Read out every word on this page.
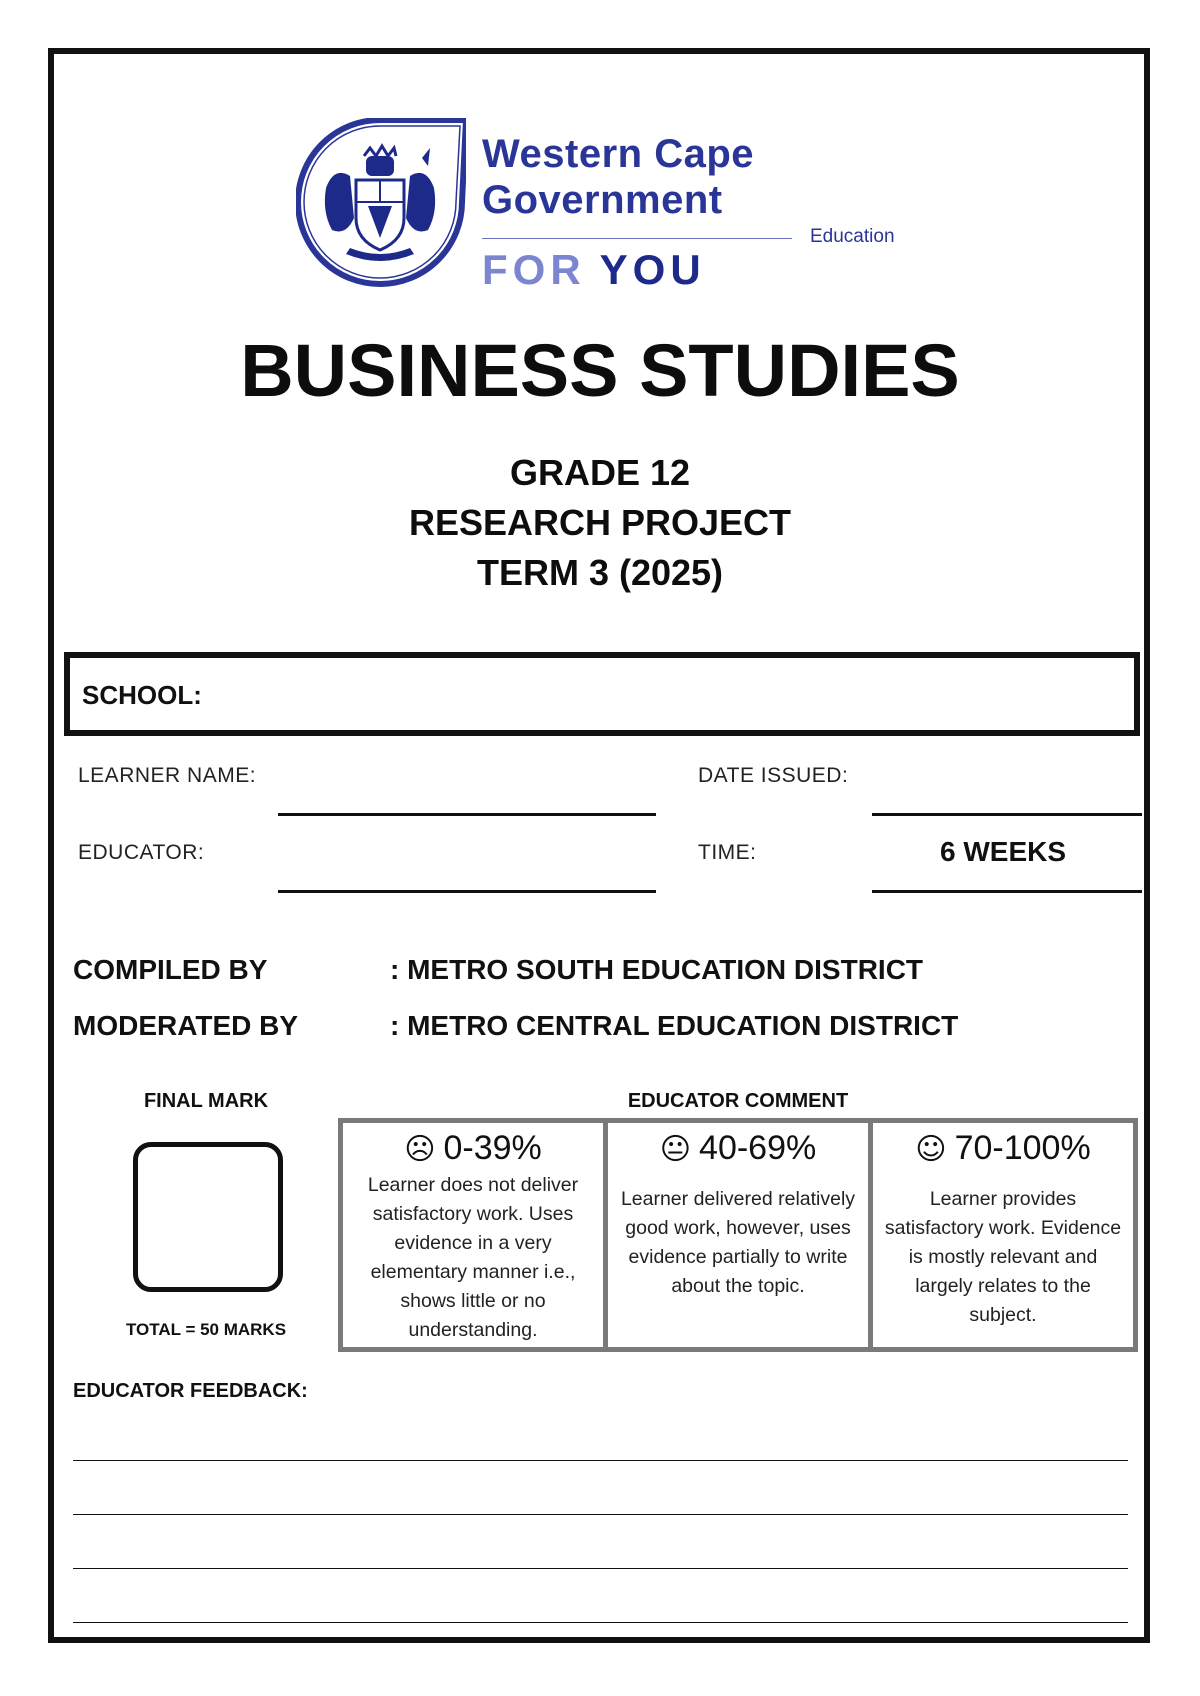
Western Cape
Government
Education
FOR YOU
BUSINESS STUDIES
GRADE 12
RESEARCH PROJECT
TERM 3 (2025)
SCHOOL:
LEARNER NAME:	DATE ISSUED:
EDUCATOR:	TIME:	6 WEEKS
COMPILED BY	: METRO SOUTH EDUCATION DISTRICT
MODERATED BY	: METRO CENTRAL EDUCATION DISTRICT
FINAL MARK
TOTAL = 50 MARKS
EDUCATOR COMMENT
☹ 0-39%
Learner does not deliver satisfactory work. Uses evidence in a very elementary manner i.e., shows little or no understanding.
😐 40-69%
Learner delivered relatively good work, however, uses evidence partially to write about the topic.
☺ 70-100%
Learner provides satisfactory work. Evidence is mostly relevant and largely relates to the subject.
EDUCATOR FEEDBACK:
